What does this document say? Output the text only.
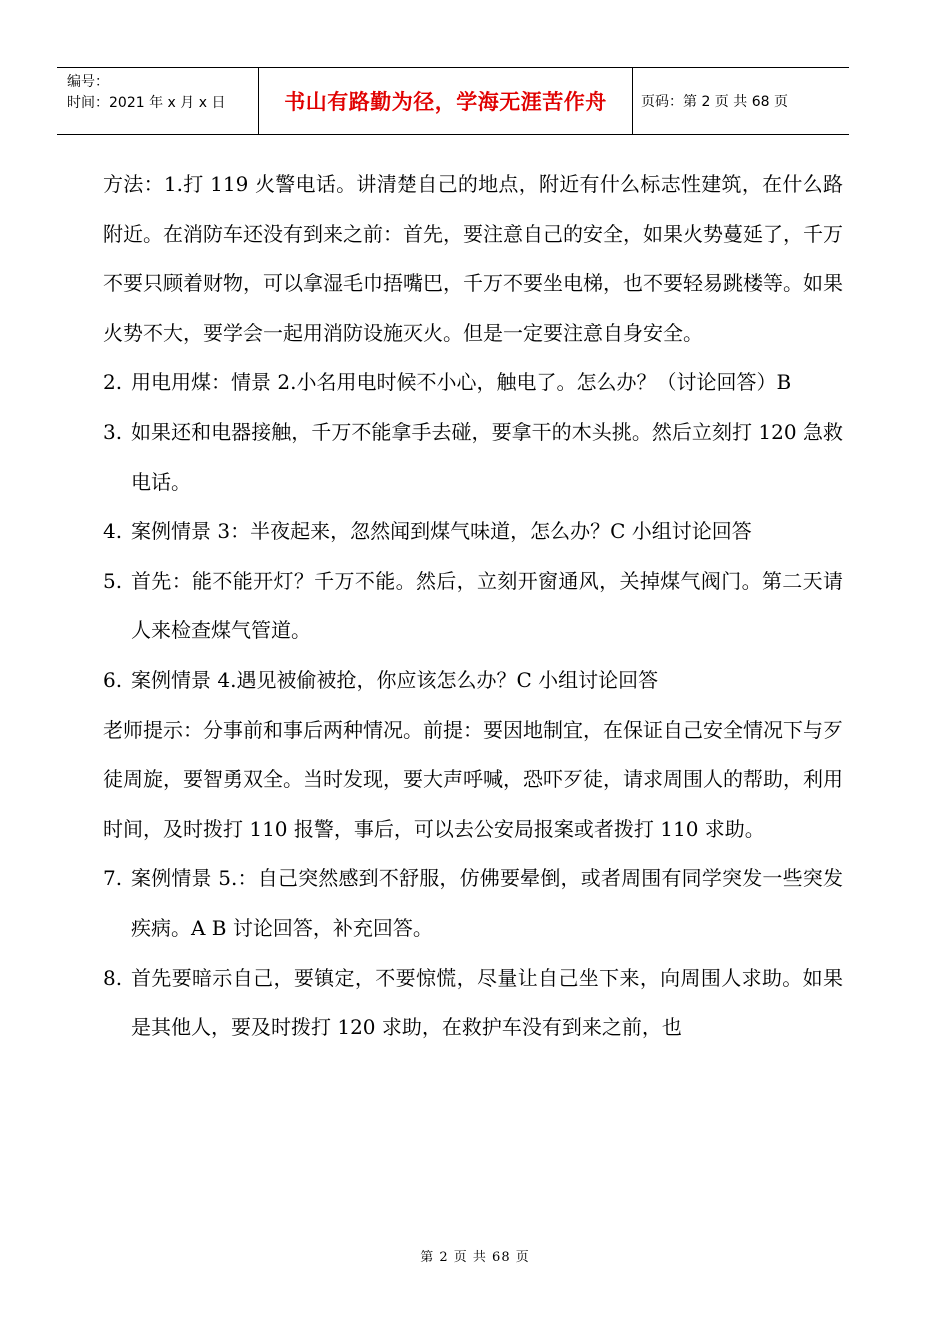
编号：
时间：2021 年 x 月 x 日	书山有路勤为径，学海无涯苦作舟	页码：第 2 页 共 68 页

方法：1.打 119 火警电话。讲清楚自己的地点，附近有什么标志性建筑，在什么路附近。在消防车还没有到来之前：首先，要注意自己的安全，如果火势蔓延了，千万不要只顾着财物，可以拿湿毛巾捂嘴巴，千万不要坐电梯，也不要轻易跳楼等。如果火势不大，要学会一起用消防设施灭火。但是一定要注意自身安全。

2. 用电用煤：情景 2.小名用电时候不小心，触电了。怎么办？（讨论回答）B
3. 如果还和电器接触，千万不能拿手去碰，要拿干的木头挑。然后立刻打 120 急救电话。
4. 案例情景 3：半夜起来，忽然闻到煤气味道，怎么办？C 小组讨论回答
5. 首先：能不能开灯？千万不能。然后，立刻开窗通风，关掉煤气阀门。第二天请人来检查煤气管道。
6. 案例情景 4.遇见被偷被抢，你应该怎么办？C 小组讨论回答

老师提示：分事前和事后两种情况。前提：要因地制宜，在保证自己安全情况下与歹徒周旋，要智勇双全。当时发现，要大声呼喊，恐吓歹徒，请求周围人的帮助，利用时间，及时拨打 110 报警，事后，可以去公安局报案或者拨打 110 求助。

7. 案例情景 5.：自己突然感到不舒服，仿佛要晕倒，或者周围有同学突发一些突发疾病。A B 讨论回答，补充回答。
8. 首先要暗示自己，要镇定，不要惊慌，尽量让自己坐下来，向周围人求助。如果是其他人，要及时拨打 120 求助，在救护车没有到来之前，也
第 2 页 共 68 页
